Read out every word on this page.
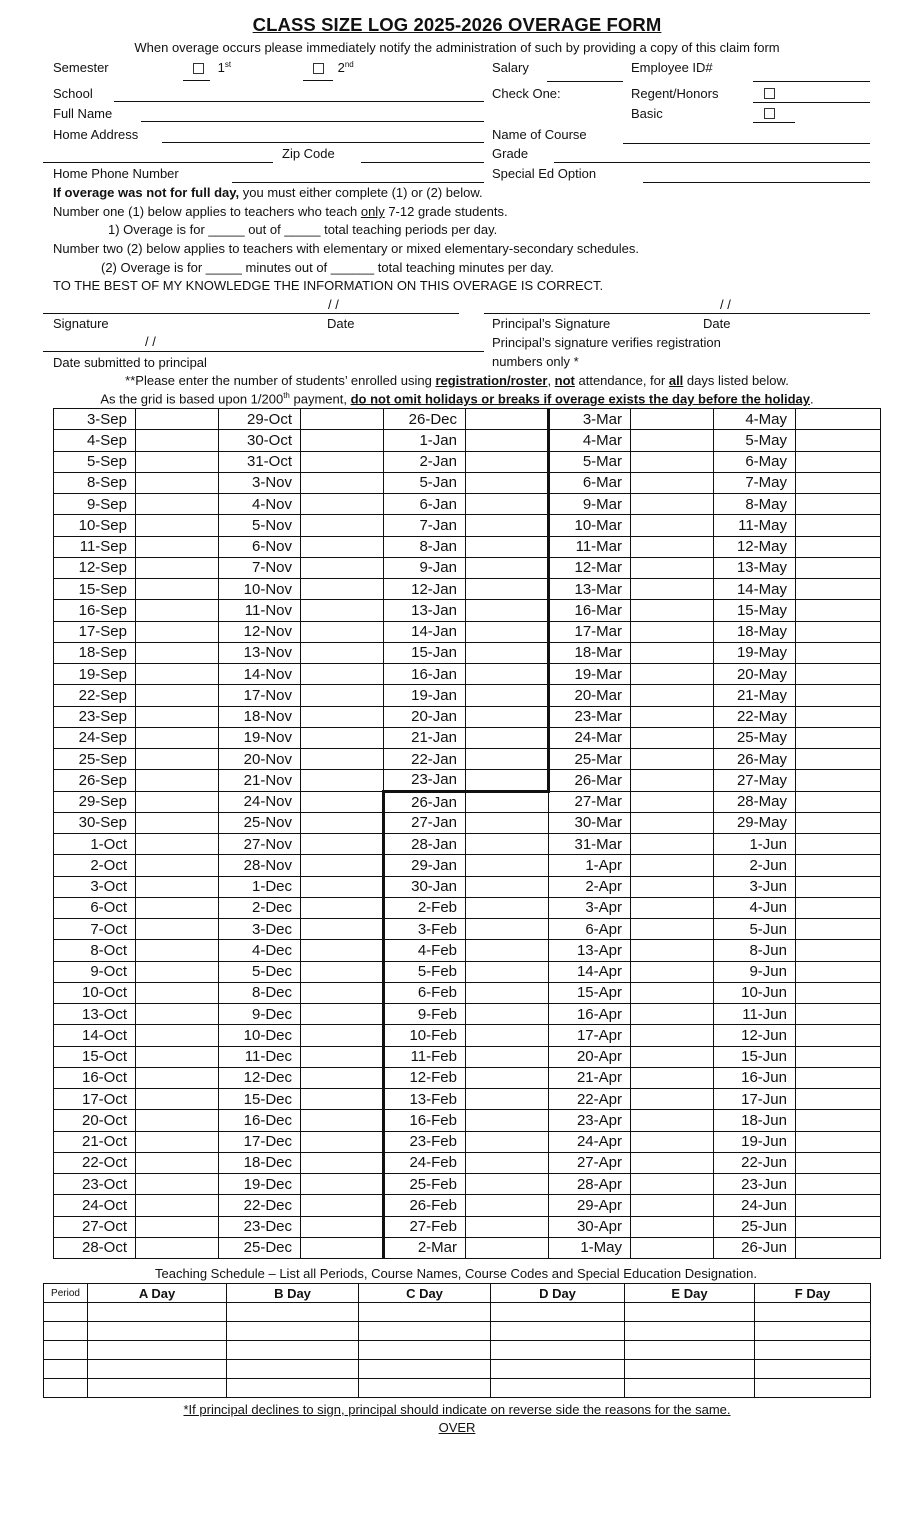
CLASS SIZE LOG 2025-2026 OVERAGE FORM
When overage occurs please immediately notify the administration of such by providing a copy of this claim form
Semester	1st	2nd
School
Full Name
Home Address
Zip Code
Home Phone Number
Salary	Employee ID#
Check One:	Regent/Honors
Basic
Name of Course
Grade
Special Ed Option
If overage was not for full day, you must either complete (1) or (2) below.
Number one (1) below applies to teachers who teach only 7-12 grade students.
1) Overage is for _____ out of _____ total teaching periods per day.
Number two (2) below applies to teachers with elementary or mixed elementary-secondary schedules.
(2) Overage is for _____ minutes out of ______ total teaching minutes per day.
TO THE BEST OF MY KNOWLEDGE THE INFORMATION ON THIS OVERAGE IS CORRECT.
/ /
Signature	Date
/ /
Principal’s Signature	Date
/ /	Principal’s signature verifies registration
Date submitted to principal	numbers only *
**Please enter the number of students’ enrolled using registration/roster, not attendance, for all days listed below.
As the grid is based upon 1/200th payment, do not omit holidays or breaks if overage exists the day before the holiday.
3-Sep		29-Oct		26-Dec		3-Mar		4-May	
4-Sep		30-Oct		1-Jan		4-Mar		5-May	
5-Sep		31-Oct		2-Jan		5-Mar		6-May	
8-Sep		3-Nov		5-Jan		6-Mar		7-May	
9-Sep		4-Nov		6-Jan		9-Mar		8-May	
10-Sep		5-Nov		7-Jan		10-Mar		11-May	
11-Sep		6-Nov		8-Jan		11-Mar		12-May	
12-Sep		7-Nov		9-Jan		12-Mar		13-May	
15-Sep		10-Nov		12-Jan		13-Mar		14-May	
16-Sep		11-Nov		13-Jan		16-Mar		15-May	
17-Sep		12-Nov		14-Jan		17-Mar		18-May	
18-Sep		13-Nov		15-Jan		18-Mar		19-May	
19-Sep		14-Nov		16-Jan		19-Mar		20-May	
22-Sep		17-Nov		19-Jan		20-Mar		21-May	
23-Sep		18-Nov		20-Jan		23-Mar		22-May	
24-Sep		19-Nov		21-Jan		24-Mar		25-May	
25-Sep		20-Nov		22-Jan		25-Mar		26-May	
26-Sep		21-Nov		23-Jan		26-Mar		27-May	
29-Sep		24-Nov		26-Jan		27-Mar		28-May	
30-Sep		25-Nov		27-Jan		30-Mar		29-May	
1-Oct		27-Nov		28-Jan		31-Mar		1-Jun	
2-Oct		28-Nov		29-Jan		1-Apr		2-Jun	
3-Oct		1-Dec		30-Jan		2-Apr		3-Jun	
6-Oct		2-Dec		2-Feb		3-Apr		4-Jun	
7-Oct		3-Dec		3-Feb		6-Apr		5-Jun	
8-Oct		4-Dec		4-Feb		13-Apr		8-Jun	
9-Oct		5-Dec		5-Feb		14-Apr		9-Jun	
10-Oct		8-Dec		6-Feb		15-Apr		10-Jun	
13-Oct		9-Dec		9-Feb		16-Apr		11-Jun	
14-Oct		10-Dec		10-Feb		17-Apr		12-Jun	
15-Oct		11-Dec		11-Feb		20-Apr		15-Jun	
16-Oct		12-Dec		12-Feb		21-Apr		16-Jun	
17-Oct		15-Dec		13-Feb		22-Apr		17-Jun	
20-Oct		16-Dec		16-Feb		23-Apr		18-Jun	
21-Oct		17-Dec		23-Feb		24-Apr		19-Jun	
22-Oct		18-Dec		24-Feb		27-Apr		22-Jun	
23-Oct		19-Dec		25-Feb		28-Apr		23-Jun	
24-Oct		22-Dec		26-Feb		29-Apr		24-Jun	
27-Oct		23-Dec		27-Feb		30-Apr		25-Jun	
28-Oct		25-Dec		2-Mar		1-May		26-Jun	
Teaching Schedule – List all Periods, Course Names, Course Codes and Special Education Designation.
Period	A Day	B Day	C Day	D Day	E Day	F Day

*If principal declines to sign, principal should indicate on reverse side the reasons for the same.
OVER
